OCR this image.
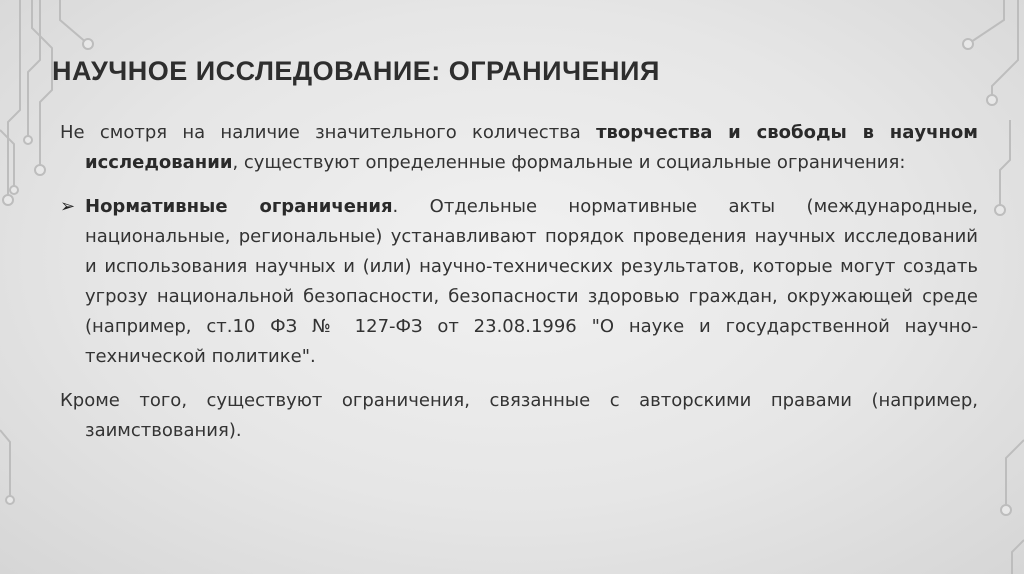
НАУЧНОЕ ИССЛЕДОВАНИЕ: ОГРАНИЧЕНИЯ

Не смотря на наличие значительного количества творчества и свободы в научном исследовании, существуют определенные формальные и социальные ограничения:

➢ Нормативные ограничения. Отдельные нормативные акты (международные, национальные, региональные) устанавливают порядок проведения научных исследований и использования научных и (или) научно-технических результатов, которые могут создать угрозу национальной безопасности, безопасности здоровью граждан, окружающей среде (например, ст.10 ФЗ № 127-ФЗ от 23.08.1996 "О науке и государственной научно-технической политике".

Кроме того, существуют ограничения, связанные с авторскими правами (например, заимствования).
